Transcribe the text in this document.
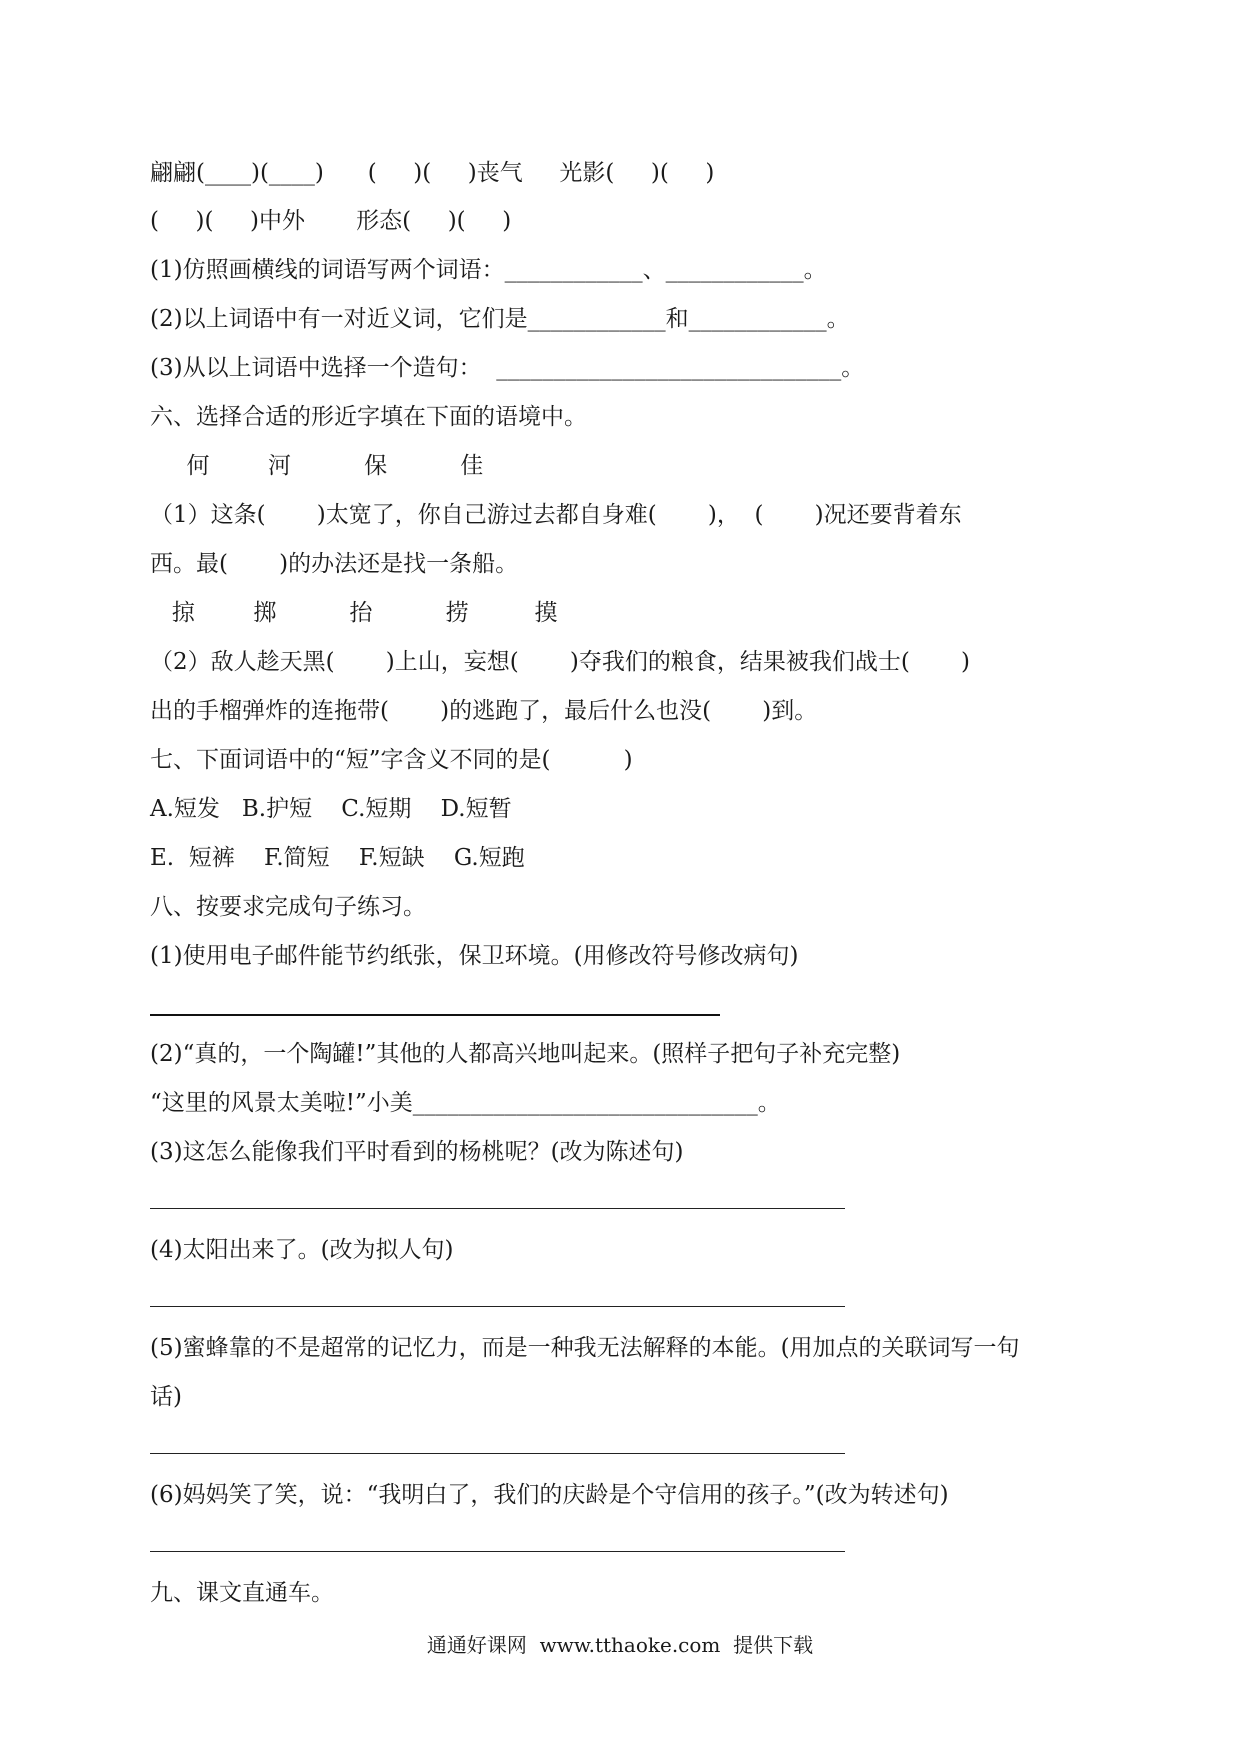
翩翩(____)(____)      (     )(     )丧气     光影(     )(     )
(     )(     )中外       形态(     )(     )
(1)仿照画横线的词语写两个词语：____________、____________。
(2)以上词语中有一对近义词，它们是____________和____________。
(3)从以上词语中选择一个造句：  ______________________________。
六、选择合适的形近字填在下面的语境中。
何        河          保          佳
（1）这条(       )太宽了，你自己游过去都自身难(       )，  (       )况还要背着东
西。最(       )的办法还是找一条船。
掠        掷          抬          捞         摸
（2）敌人趁天黑(       )上山，妄想(       )夺我们的粮食，结果被我们战士(       )
出的手榴弹炸的连拖带(       )的逃跑了，最后什么也没(       )到。
七、下面词语中的“短”字含义不同的是(          )
A.短发   B.护短    C.短期    D.短暂
E.  短裤    F.简短    F.短缺    G.短跑
八、按要求完成句子练习。
(1)使用电子邮件能节约纸张，保卫环境。(用修改符号修改病句)
(2)“真的，一个陶罐!”其他的人都高兴地叫起来。(照样子把句子补充完整)
“这里的风景太美啦!”小美______________________________。
(3)这怎么能像我们平时看到的杨桃呢？(改为陈述句)
(4)太阳出来了。(改为拟人句)
(5)蜜蜂靠的不是超常的记忆力，而是一种我无法解释的本能。(用加点的关联词写一句
话)
(6)妈妈笑了笑，说：“我明白了，我们的庆龄是个守信用的孩子。”(改为转述句)
九、课文直通车。
通通好课网  www.tthaoke.com  提供下载
